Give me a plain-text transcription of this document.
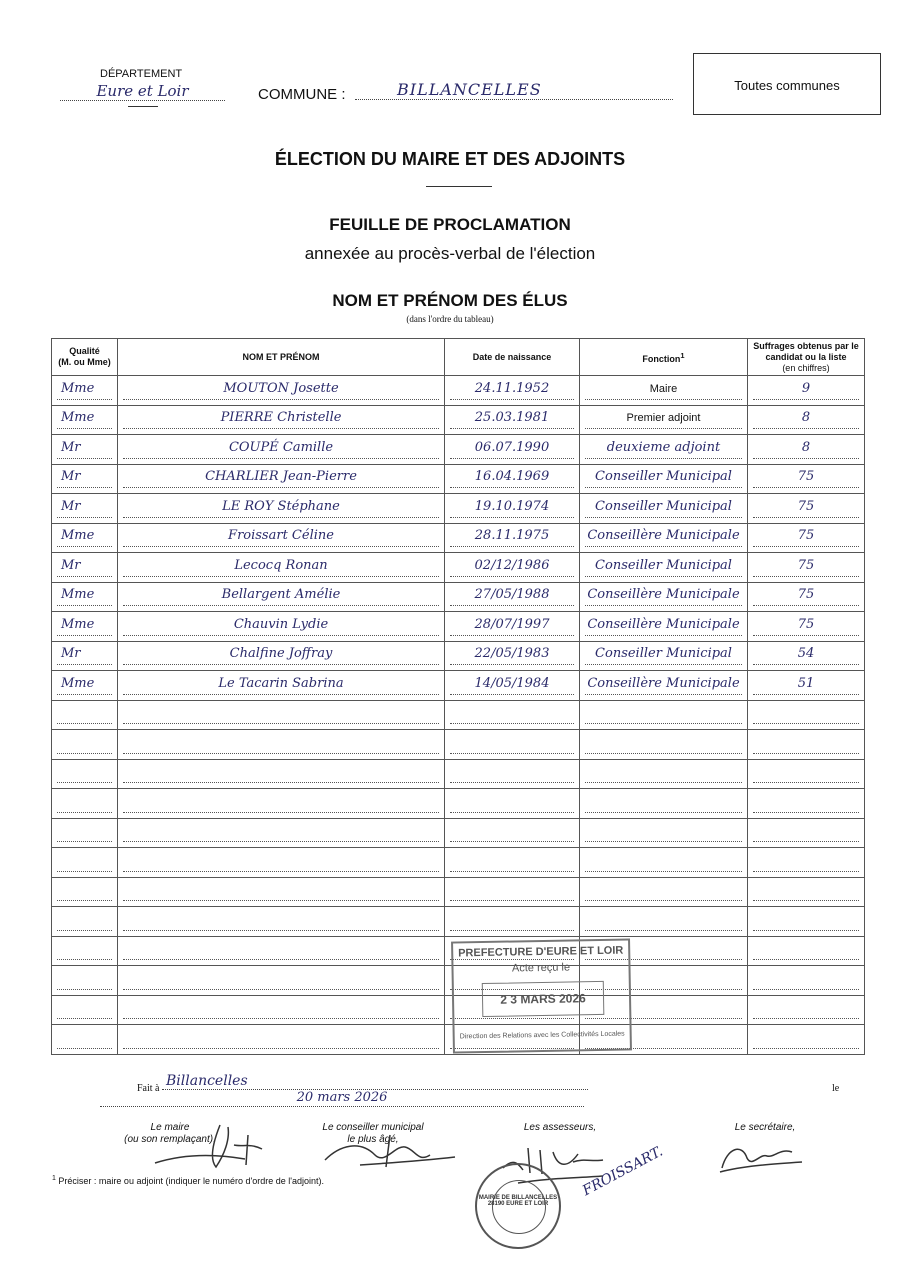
DÉPARTEMENT
Eure et Loir	COMMUNE :	BILLANCELLES	Toutes communes
ÉLECTION DU MAIRE ET DES ADJOINTS
FEUILLE DE PROCLAMATION
annexée au procès-verbal de l'élection
NOM ET PRÉNOM DES ÉLUS
(dans l'ordre du tableau)
Qualité
(M. ou Mme)	NOM ET PRÉNOM	Date de naissance	Fonction$^1$	Suffrages obtenus par le candidat ou la liste
(en chiffres)

Mme	MOUTON Josette	24.11.1952	Maire	9

Mme	PIERRE Christelle	25.03.1981	Premier adjoint	8

Mr	COUPÉ Camille	06.07.1990	deuxieme adjoint	8

Mr	CHARLIER Jean-Pierre	16.04.1969	Conseiller Municipal	75

Mr	LE ROY Stéphane	19.10.1974	Conseiller Municipal	75

Mme	Froissart Céline	28.11.1975	Conseillère Municipale	75

Mr	Lecocq Ronan	02/12/1986	Conseiller Municipal	75

Mme	Bellargent Amélie	27/05/1988	Conseillère Municipale	75

Mme	Chauvin Lydie	28/07/1997	Conseillère Municipale	75

Mr	Chalfine Joffray	22/05/1983	Conseiller Municipal	54

Mme	Le Tacarin Sabrina	14/05/1984	Conseillère Municipale	51

PREFECTURE D'EURE ET LOIR
Acte reçu le
2 3 MARS 2026
Direction des Relations avec les Collectivités Locales
Fait à Billancelles
20 mars 2026
le
Le maire
(ou son remplaçant),
Le conseiller municipal
le plus âgé,
Les assesseurs,	Le secrétaire,
MAIRIE DE BILLANCELLES 28190 EURE ET LOIR
FROISSART.
$^1$ Préciser : maire ou adjoint (indiquer le numéro d'ordre de l'adjoint).
